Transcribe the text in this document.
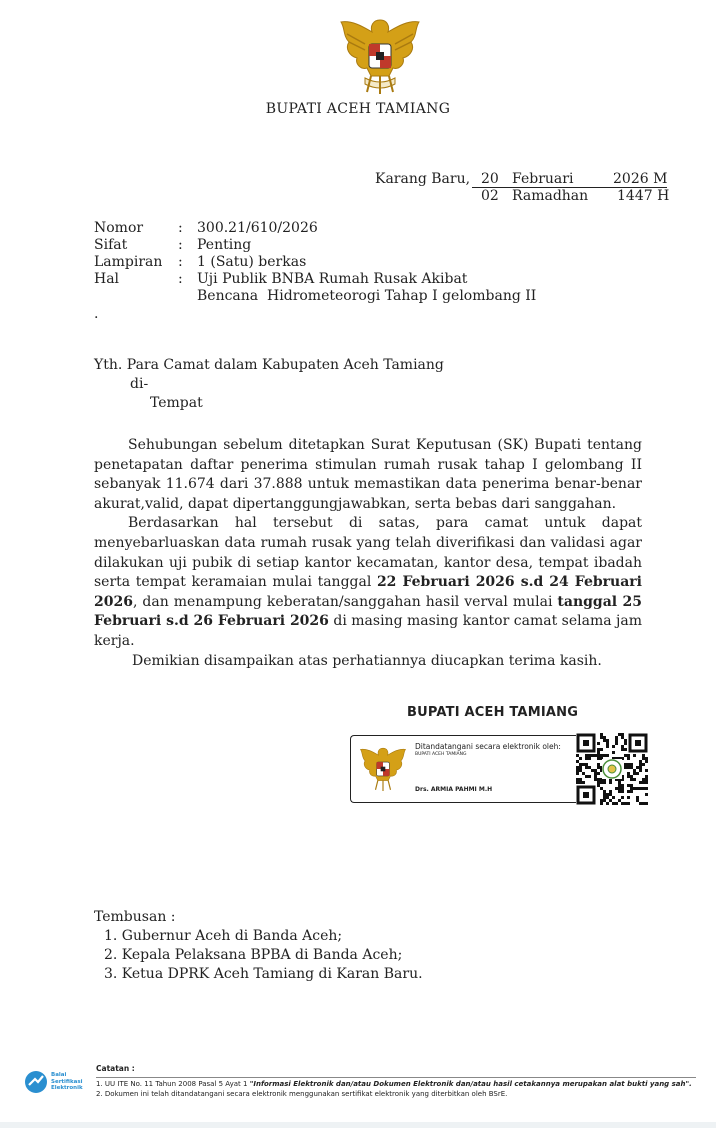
BUPATI ACEH TAMIANG
Karang Baru, 20 Februari	2026 M
02 Ramadhan 1447 H
Nomor	:	300.21/610/2026
Sifat	:	Penting
Lampiran	:	1 (Satu) berkas
Hal	:	Uji Publik BNBA Rumah Rusak Akibat
Bencana  Hidrometeorogi Tahap I gelombang II
.
Yth. Para Camat dalam Kabupaten Aceh Tamiang
di-
Tempat

Sehubungan sebelum ditetapkan Surat Keputusan (SK) Bupati tentang penetapatan daftar penerima stimulan rumah rusak tahap I gelombang II sebanyak 11.674 dari 37.888 untuk memastikan data penerima benar-benar akurat,valid, dapat dipertanggungjawabkan, serta bebas dari sanggahan.

Berdasarkan hal tersebut di satas, para camat untuk dapat menyebarluaskan data rumah rusak yang telah diverifikasi dan validasi agar dilakukan uji pubik di setiap kantor kecamatan, kantor desa, tempat ibadah serta tempat keramaian mulai tanggal 22 Februari 2026 s.d 24 Februari 2026, dan menampung keberatan/sanggahan hasil verval mulai tanggal 25 Februari s.d 26 Februari 2026 di masing masing kantor camat selama jam kerja.

Demikian disampaikan atas perhatiannya diucapkan terima kasih.

BUPATI ACEH TAMIANG
Ditandatangani secara elektronik oleh:
BUPATI ACEH TAMIANG
Drs. ARMIA PAHMI M.H
Tembusan :
1. Gubernur Aceh di Banda Aceh;
2. Kepala Pelaksana BPBA di Banda Aceh;
3. Ketua DPRK Aceh Tamiang di Karan Baru.
Balai
Sertifikasi
Elektronik
Catatan :
1. UU ITE No. 11 Tahun 2008 Pasal 5 Ayat 1 "Informasi Elektronik dan/atau Dokumen Elektronik dan/atau hasil cetakannya merupakan alat bukti yang sah".
2. Dokumen ini telah ditandatangani secara elektronik menggunakan sertifikat elektronik yang diterbitkan oleh BSrE.
